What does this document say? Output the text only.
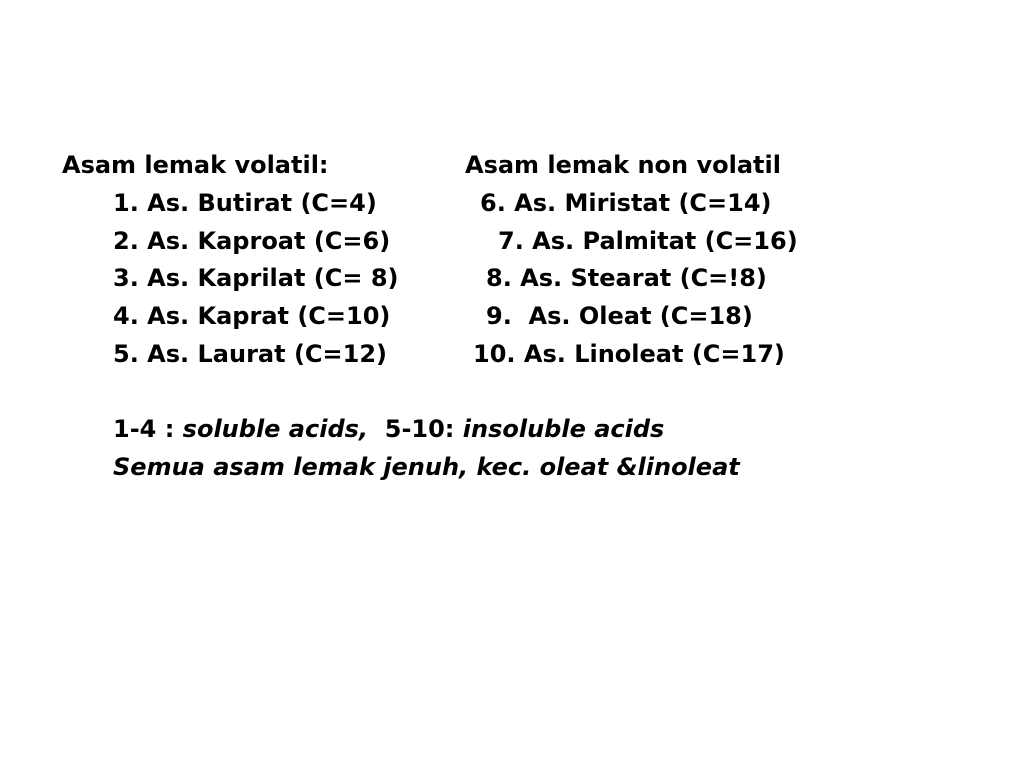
Asam lemak volatil:	Asam lemak non volatil
1. As. Butirat (C=4)	6. As. Miristat (C=14)
2. As. Kaproat (C=6)	7. As. Palmitat (C=16)
3. As. Kaprilat (C= 8)	8. As. Stearat (C=!8)
4. As. Kaprat (C=10)	9.  As. Oleat (C=18)
5. As. Laurat (C=12)	10. As. Linoleat (C=17)
1-4 : soluble acids,  5-10: insoluble acids
Semua asam lemak jenuh, kec. oleat &linoleat
